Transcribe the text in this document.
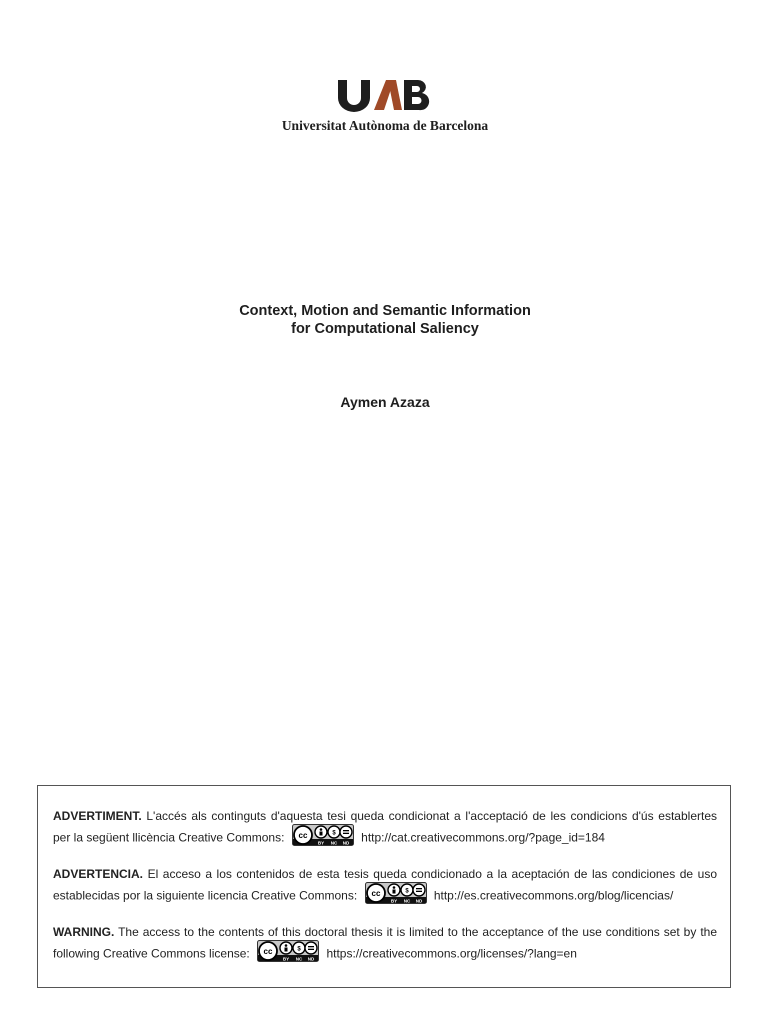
Universitat Autònoma de Barcelona
Context, Motion and Semantic Information
for Computational Saliency
Aymen Azaza
ADVERTIMENT. L'accés als continguts d'aquesta tesi queda condicionat a l'acceptació de les condicions d'ús establertes per la següent llicència Creative Commons: cc	$
BY NC ND http://cat.creativecommons.org/?page_id=184
ADVERTENCIA. El acceso a los contenidos de esta tesis queda condicionado a la aceptación de las condiciones de uso establecidas por la siguiente licencia Creative Commons: cc	$
BY NC ND http://es.creativecommons.org/blog/licencias/
WARNING. The access to the contents of this doctoral thesis it is limited to the acceptance of the use conditions set by the following Creative Commons license: cc	$
BY NC ND https://creativecommons.org/licenses/?lang=en
